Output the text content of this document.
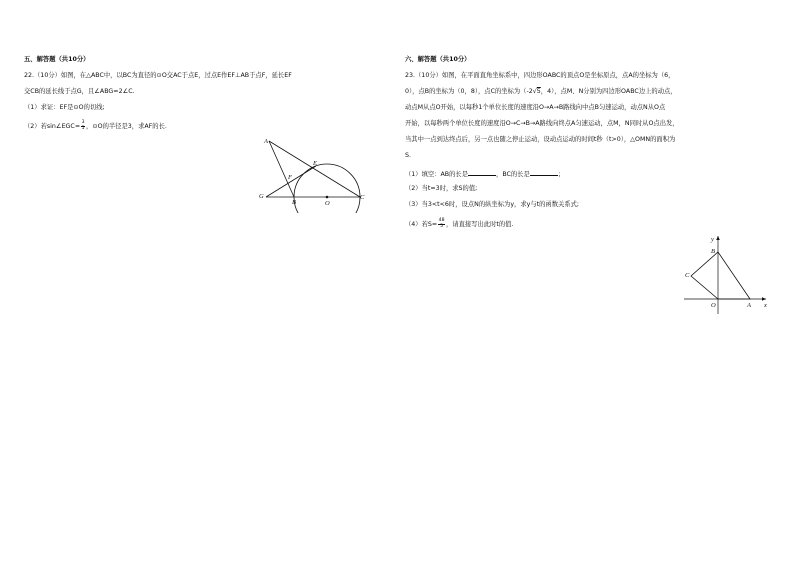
五、解答题（共10分）
22.（10分）如图，在△ABC中，以BC为直径的⊙O交AC于点E，过点E作EF⊥AB于点F，延长EF
交CB的延长线于点G，且∠ABG=2∠C.
（1）求证：EF是⊙O的切线;
（2）若sin∠EGC= $\frac{3}{5}$ ，⊙O的半径是3，求AF的长.
A
E
F
G
B	O
C
六、解答题（共10分）
23.（10分）如图，在平面直角坐标系中，四边形OABC的顶点O是坐标原点，点A的坐标为（6，
0），点B的坐标为（0，8），点C的坐标为（-2√5，4），点M、N分别为四边形OABC边上的动点，
动点M从点O开始，以每秒1个单位长度的速度沿O→A→B路线向中点B匀速运动，动点N从O点
开始，以每秒两个单位长度的速度沿O→C→B→A路线向终点A匀速运动，点M，N同时从O点出发，
当其中一点到达终点后，另一点也随之停止运动，设动点运动的时间t秒（t>0），△OMN的面积为
S.
（1）填空：AB的长是	，BC的长是	；
（2）当t=3时，求S的值;
（3）当3<t<6时，设点N的纵坐标为y，求y与t的函数关系式;
（4）若$S= \frac{48}{5}$ ，请直接写出此时t的值.
y
x
B
C
O	A
